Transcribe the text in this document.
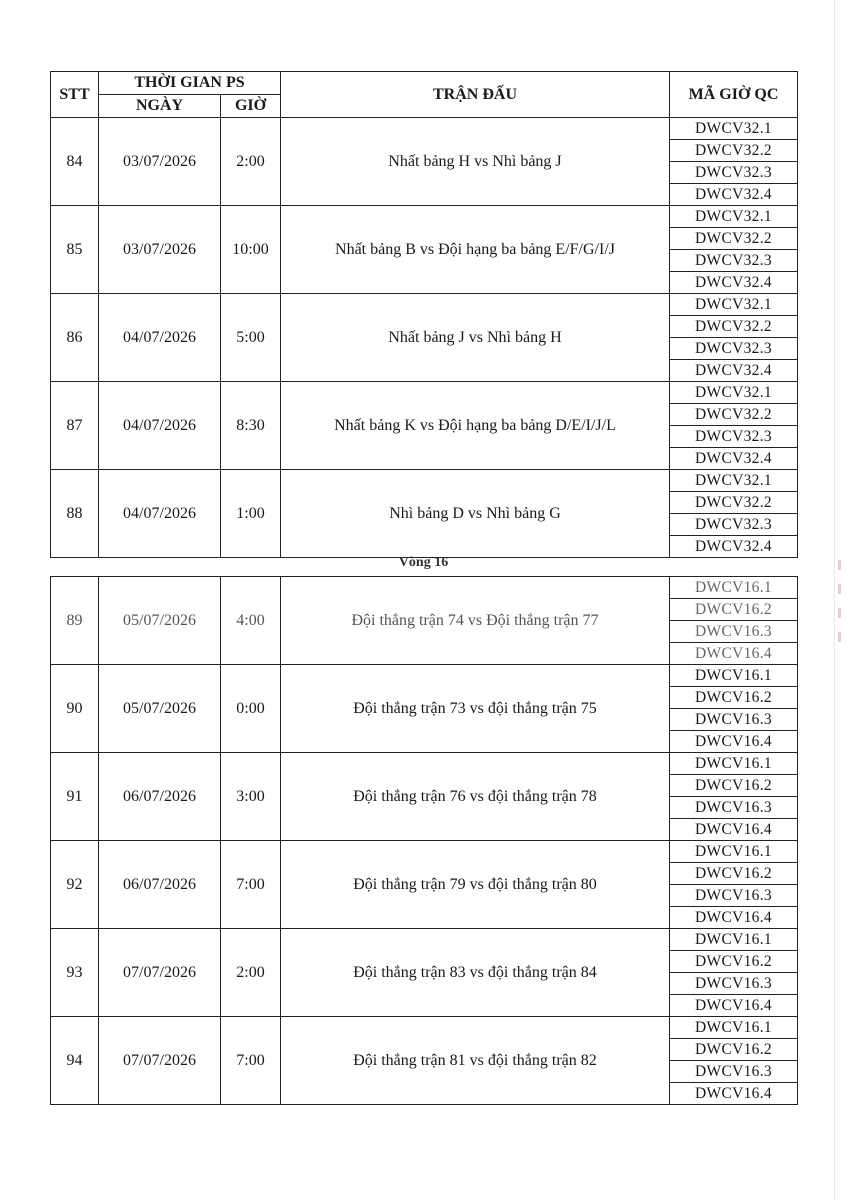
STT	THỜI GIAN PS		TRẬN ĐẤU	MÃ GIỜ QC
	NGÀY	GIỜ		
84	03/07/2026	2:00	Nhất bảng H vs Nhì bảng J	DWCV32.1
				DWCV32.2
				DWCV32.3
				DWCV32.4
85	03/07/2026	10:00	Nhất bảng B vs Đội hạng ba bảng E/F/G/I/J	DWCV32.1
				DWCV32.2
				DWCV32.3
				DWCV32.4
86	04/07/2026	5:00	Nhất bảng J vs Nhì bảng H	DWCV32.1
				DWCV32.2
				DWCV32.3
				DWCV32.4
87	04/07/2026	8:30	Nhất bảng K vs Đội hạng ba bảng D/E/I/J/L	DWCV32.1
				DWCV32.2
				DWCV32.3
				DWCV32.4
88	04/07/2026	1:00	Nhì bảng D vs Nhì bảng G	DWCV32.1
				DWCV32.2
				DWCV32.3
				DWCV32.4
Vòng 16
89	05/07/2026	4:00	Đội thắng trận 74 vs Đội thắng trận 77	DWCV16.1
				DWCV16.2
				DWCV16.3
				DWCV16.4
90	05/07/2026	0:00	Đội thắng trận 73 vs đội thắng trận 75	DWCV16.1
				DWCV16.2
				DWCV16.3
				DWCV16.4
91	06/07/2026	3:00	Đội thắng trận 76 vs đội thắng trận 78	DWCV16.1
				DWCV16.2
				DWCV16.3
				DWCV16.4
92	06/07/2026	7:00	Đội thắng trận 79 vs đội thắng trận 80	DWCV16.1
				DWCV16.2
				DWCV16.3
				DWCV16.4
93	07/07/2026	2:00	Đội thắng trận 83 vs đội thắng trận 84	DWCV16.1
				DWCV16.2
				DWCV16.3
				DWCV16.4
94	07/07/2026	7:00	Đội thắng trận 81 vs đội thắng trận 82	DWCV16.1
				DWCV16.2
				DWCV16.3
				DWCV16.4
